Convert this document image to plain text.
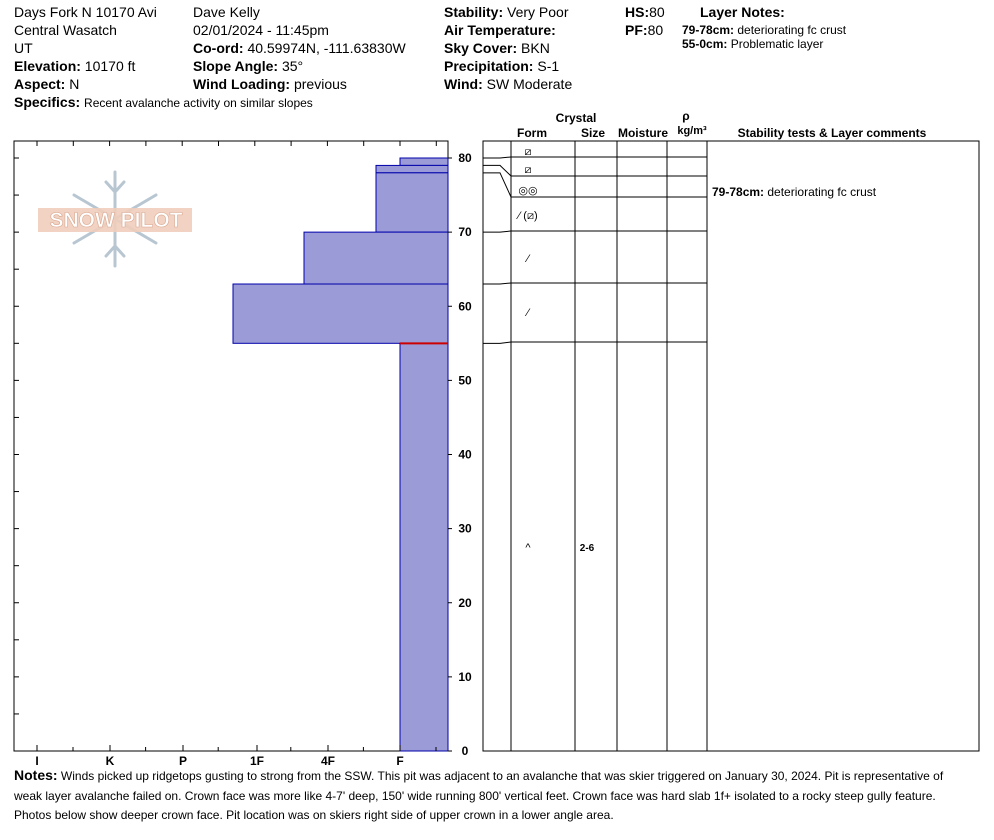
Days Fork N 10170 Avi
Central Wasatch
UT
Elevation: 10170 ft
Aspect: N
Specifics: Recent avalanche activity on similar slopes
Dave Kelly
02/01/2024 - 11:45pm
Co-ord: 40.59974N, -111.63830W
Slope Angle: 35°
Wind Loading: previous
Stability: Very Poor
Air Temperature:
Sky Cover: BKN
Precipitation: S-1
Wind: SW Moderate
HS:80
PF:80
Layer Notes:
79-78cm: deteriorating fc crust
55-0cm: Problematic layer
SNOW PILOT
I	K	P	1F	4F	F
0
10
20
30
40
50
60
70
80
Crystal
Form	Size Moisture
ρ
kg/m³	Stability tests & Layer comments
⧄
⧄
◎◎
⁄ (⧄)
⁄
⁄
^	2-6
79-78cm: deteriorating fc crust
Notes: Winds picked up ridgetops gusting to strong from the SSW. This pit was adjacent to an avalanche that was skier triggered on January 30, 2024. Pit is representative of weak layer avalanche failed on. Crown face was more like 4-7' deep, 150' wide running 800' vertical feet. Crown face was hard slab 1f+ isolated to a rocky steep gully feature. Photos below show deeper crown face. Pit location was on skiers right side of upper crown in a lower angle area.
